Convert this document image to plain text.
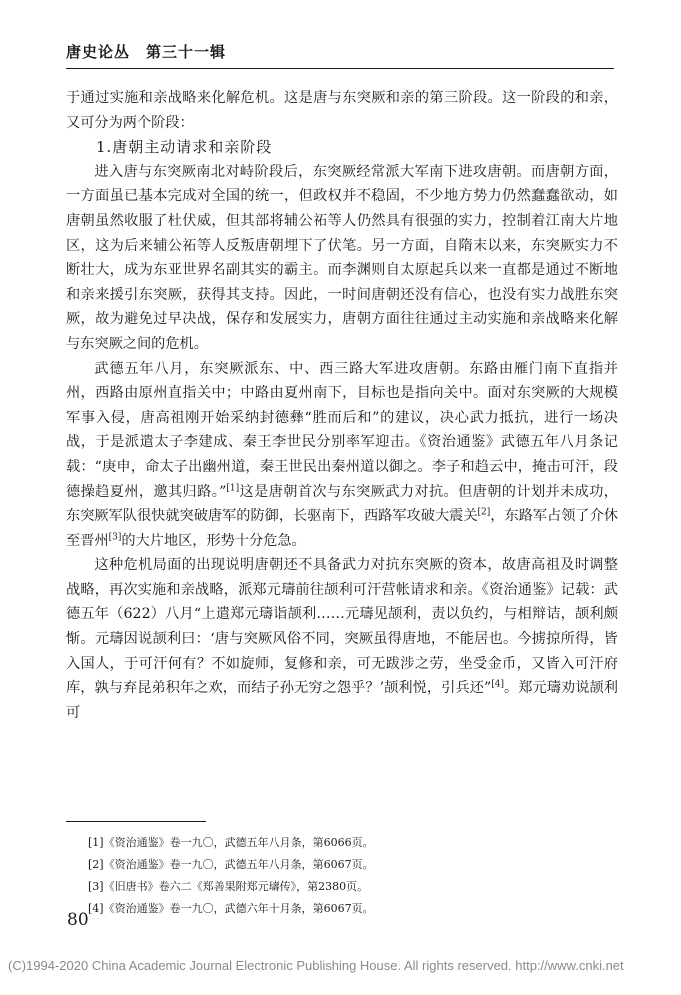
唐史论丛　第三十一辑

于通过实施和亲战略来化解危机。这是唐与东突厥和亲的第三阶段。这一阶段的和亲，又可分为两个阶段：

1.唐朝主动请求和亲阶段

进入唐与东突厥南北对峙阶段后，东突厥经常派大军南下进攻唐朝。而唐朝方面，一方面虽已基本完成对全国的统一，但政权并不稳固，不少地方势力仍然蠢蠢欲动，如唐朝虽然收服了杜伏威，但其部将辅公祏等人仍然具有很强的实力，控制着江南大片地区，这为后来辅公祏等人反叛唐朝埋下了伏笔。另一方面，自隋末以来，东突厥实力不断壮大，成为东亚世界名副其实的霸主。而李渊则自太原起兵以来一直都是通过不断地和亲来援引东突厥，获得其支持。因此，一时间唐朝还没有信心，也没有实力战胜东突厥，故为避免过早决战，保存和发展实力，唐朝方面往往通过主动实施和亲战略来化解与东突厥之间的危机。

武德五年八月，东突厥派东、中、西三路大军进攻唐朝。东路由雁门南下直指并州，西路由原州直指关中；中路由夏州南下，目标也是指向关中。面对东突厥的大规模军事入侵，唐高祖刚开始采纳封德彝“胜而后和”的建议，决心武力抵抗，进行一场决战，于是派遣太子李建成、秦王李世民分别率军迎击。《资治通鉴》武德五年八月条记载：“庚申，命太子出幽州道，秦王世民出秦州道以御之。李子和趋云中，掩击可汗，段德操趋夏州，邀其归路。”[1]这是唐朝首次与东突厥武力对抗。但唐朝的计划并未成功，东突厥军队很快就突破唐军的防御，长驱南下，西路军攻破大震关[2]，东路军占领了介休至晋州[3]的大片地区，形势十分危急。

这种危机局面的出现说明唐朝还不具备武力对抗东突厥的资本，故唐高祖及时调整战略，再次实施和亲战略，派郑元璹前往颉利可汗营帐请求和亲。《资治通鉴》记载：武德五年（622）八月“上遣郑元璹诣颉利……元璹见颉利，责以负约，与相辩诘，颉利颇惭。元璹因说颉利曰：‘唐与突厥风俗不同，突厥虽得唐地，不能居也。今掳掠所得，皆入国人，于可汗何有？不如旋师，复修和亲，可无跋涉之劳，坐受金币，又皆入可汗府库，孰与弃昆弟积年之欢，而结子孙无穷之怨乎？’颉利悦，引兵还”[4]。郑元璹劝说颉利可

[1]《资治通鉴》卷一九〇，武德五年八月条，第6066页。
[2]《资治通鉴》卷一九〇，武德五年八月条，第6067页。
[3]《旧唐书》卷六二《郑善果附郑元璹传》，第2380页。
[4]《资治通鉴》卷一九〇，武德六年十月条，第6067页。
80
(C)1994-2020 China Academic Journal Electronic Publishing House. All rights reserved. http://www.cnki.net
